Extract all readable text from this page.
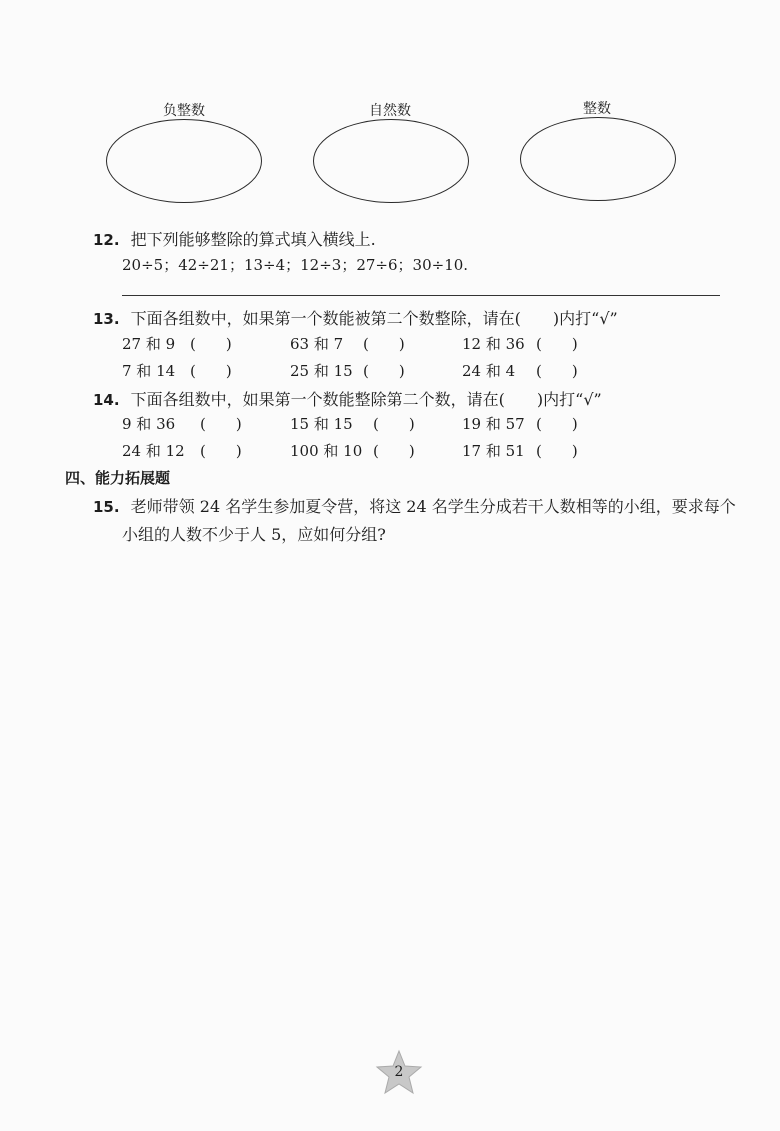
负整数	自然数	整数
12. 把下列能够整除的算式填入横线上.
20÷5；42÷21；13÷4；12÷3；27÷6；30÷10.
13. 下面各组数中，如果第一个数能被第二个数整除，请在(　　)内打“√”
27 和 9 (　　)	63 和 7 (　　)	12 和 36 (　　)
7 和 14 (　　)	25 和 15 (　　)	24 和 4 (　　)
14. 下面各组数中，如果第一个数能整除第二个数，请在(　　)内打“√”
9 和 36 (　　)	15 和 15 (　　)	19 和 57 (　　)
24 和 12 (　　)	100 和 10 (　　)	17 和 51 (　　)
四、能力拓展题
15. 老师带领 24 名学生参加夏令营，将这 24 名学生分成若干人数相等的小组，要求每个
小组的人数不少于人 5，应如何分组?
2
